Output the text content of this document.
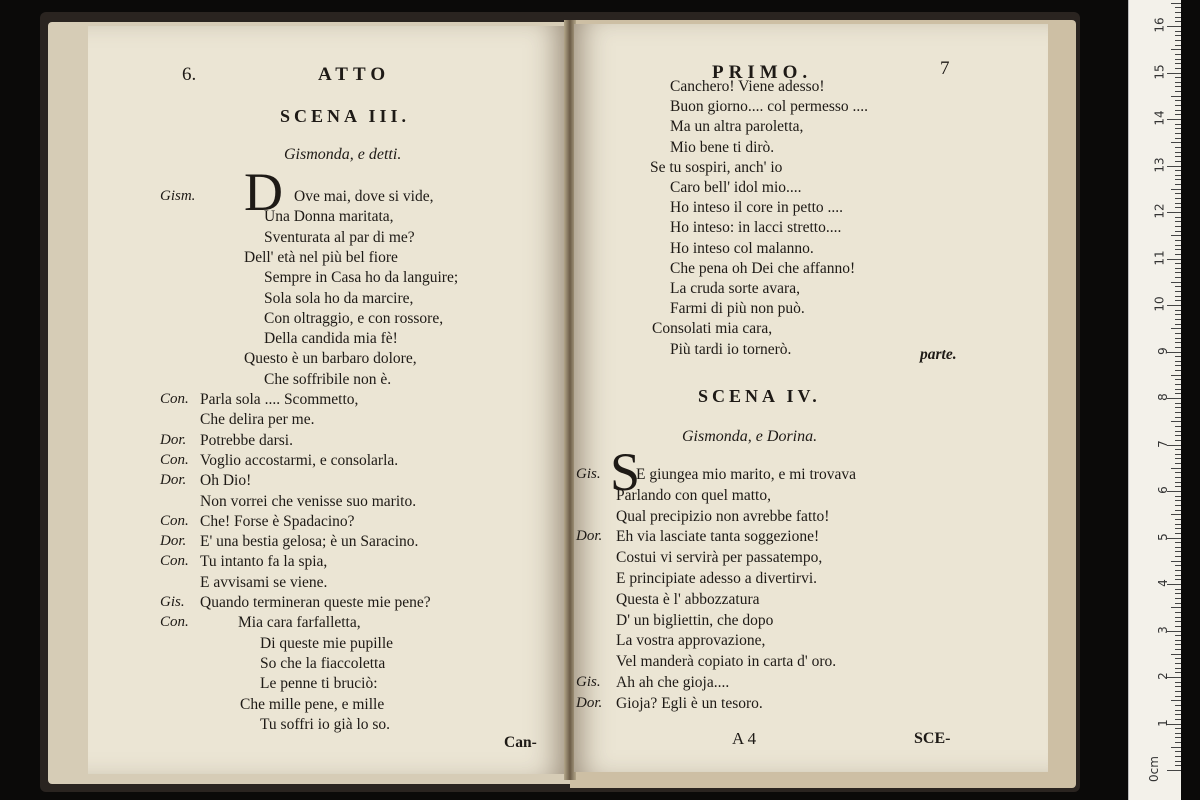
6.	ATTO
SCENA III.
Gismonda, e detti.
D
Gism.	Ove mai, dove si vide,
Una Donna maritata,
Sventurata al par di me?
Dell' età nel più bel fiore
Sempre in Casa ho da languire;
Sola sola ho da marcire,
Con oltraggio, e con rossore,
Della candida mia fè!
Questo è un barbaro dolore,
Che soffribile non è.
Con. Parla sola .... Scommetto,
Che delira per me.
Dor. Potrebbe darsi.
Con. Voglio accostarmi, e consolarla.
Dor. Oh Dio!
Non vorrei che venisse suo marito.
Con. Che! Forse è Spadacino?
Dor. E' una bestia gelosa; è un Saracino.
Con. Tu intanto fa la spia,
E avvisami se viene.
Gis. Quando termineran queste mie pene?
Con.	Mia cara farfalletta,
Di queste mie pupille
So che la fiaccoletta
Le penne ti bruciò:
Che mille pene, e mille
Tu soffri io già lo so.
Can-
PRIMO.	7
Canchero! Viene adesso!
Buon giorno.... col permesso ....
Ma un altra paroletta,
Mio bene ti dirò.
Se tu sospiri, anch' io
Caro bell' idol mio....
Ho inteso il core in petto ....
Ho inteso: in lacci stretto....
Ho inteso col malanno.
Che pena oh Dei che affanno!
La cruda sorte avara,
Farmi di più non può.
Consolati mia cara,
Più tardi io tornerò.	parte.
SCENA IV.
Gismonda, e Dorina.
S
Gis. E giungea mio marito, e mi trovava
Parlando con quel matto,
Qual precipizio non avrebbe fatto!
Dor. Eh via lasciate tanta soggezione!
Costui vi servirà per passatempo,
E principiate adesso a divertirvi.
Questa è l' abbozzatura
D' un bigliettin, che dopo
La vostra approvazione,
Vel manderà copiato in carta d' oro.
Gis. Ah ah che gioja....
Dor. Gioja? Egli è un tesoro.
A 4	SCE-
0cm
1
2
3
4
5
6
7
8
9
10
11
12
13
14
15
16
